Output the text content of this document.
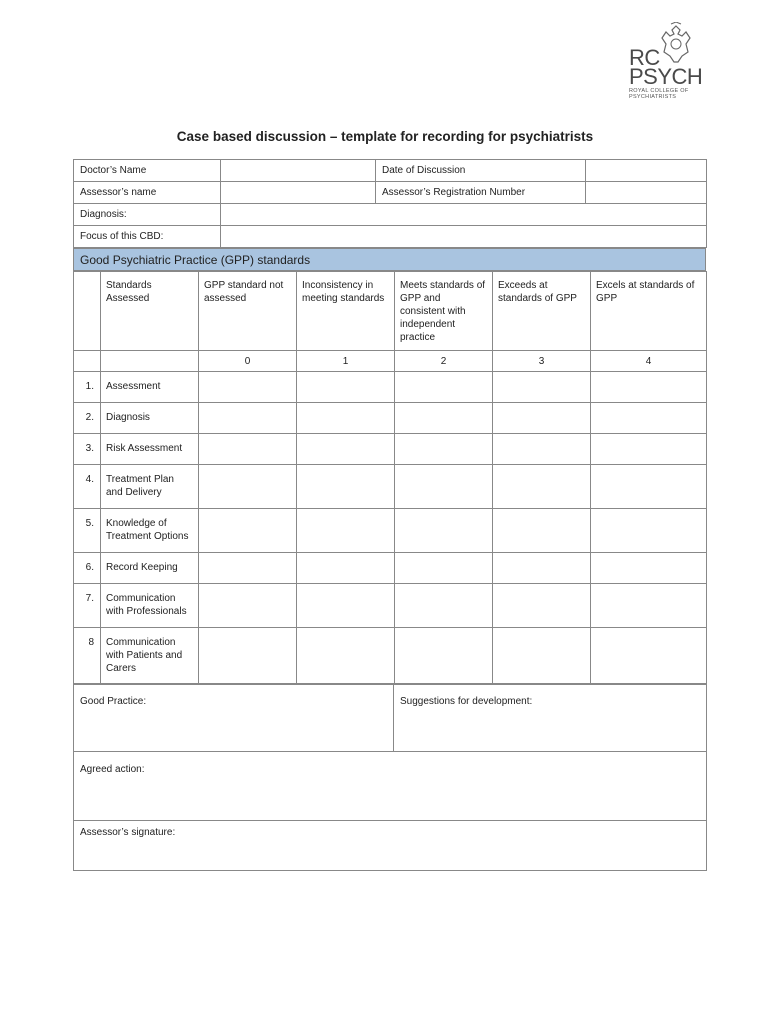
RC
PSYCH
ROYAL COLLEGE OF
PSYCHIATRISTS
Case based discussion – template for recording for psychiatrists
Doctor’s Name		Date of Discussion	
Assessor’s name		Assessor’s Registration Number	
Diagnosis:			
Focus of this CBD:			
Good Psychiatric Practice (GPP) standards
	Standards Assessed	GPP standard not assessed	Inconsistency in meeting standards	Meets standards of GPP and consistent with independent practice	Exceeds at standards of GPP	Excels at standards of GPP
		0	1	2	3	4
1.	Assessment					
2.	Diagnosis					
3.	Risk Assessment					
4.	Treatment Plan and Delivery					
5.	Knowledge of Treatment Options					
6.	Record Keeping					
7.	Communication with Professionals					
8	Communication with Patients and Carers					
Good Practice:	Suggestions for development:
Agreed action:
Assessor’s signature:
